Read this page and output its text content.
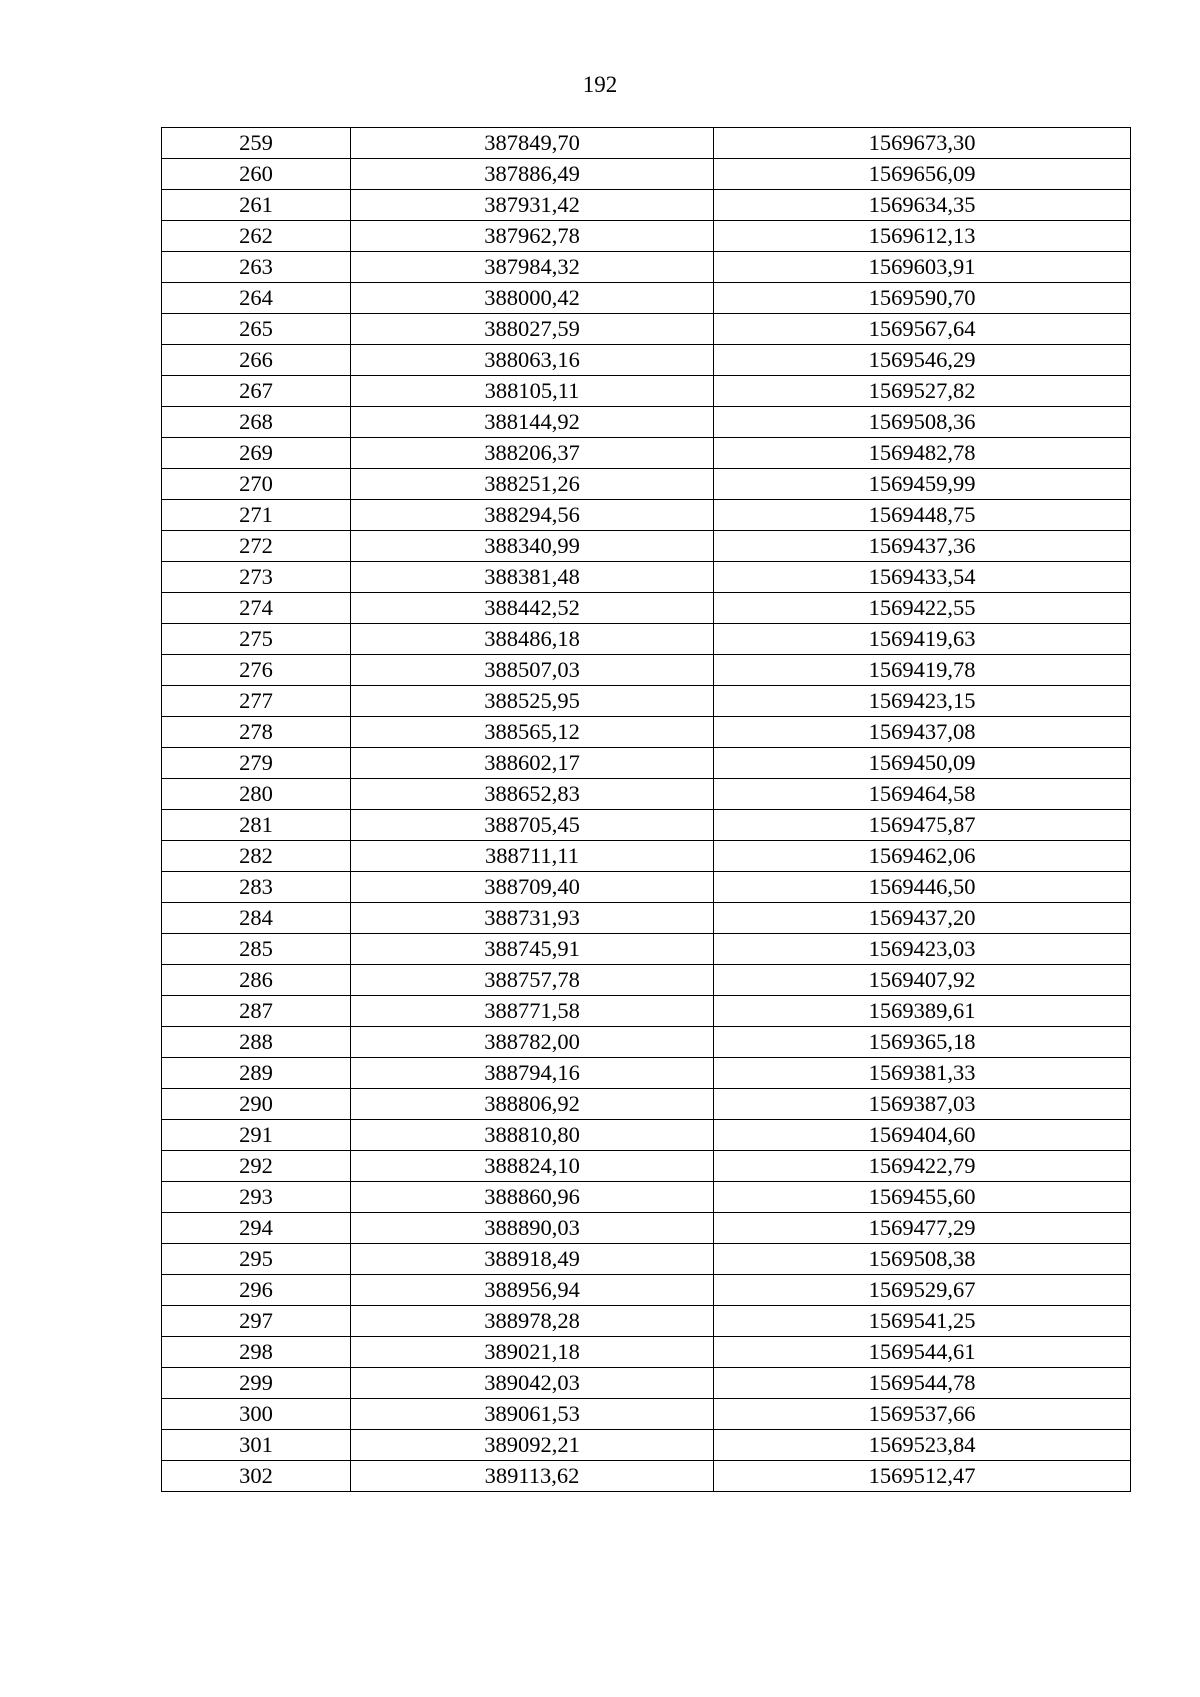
192
259	387849,70	1569673,30
260	387886,49	1569656,09
261	387931,42	1569634,35
262	387962,78	1569612,13
263	387984,32	1569603,91
264	388000,42	1569590,70
265	388027,59	1569567,64
266	388063,16	1569546,29
267	388105,11	1569527,82
268	388144,92	1569508,36
269	388206,37	1569482,78
270	388251,26	1569459,99
271	388294,56	1569448,75
272	388340,99	1569437,36
273	388381,48	1569433,54
274	388442,52	1569422,55
275	388486,18	1569419,63
276	388507,03	1569419,78
277	388525,95	1569423,15
278	388565,12	1569437,08
279	388602,17	1569450,09
280	388652,83	1569464,58
281	388705,45	1569475,87
282	388711,11	1569462,06
283	388709,40	1569446,50
284	388731,93	1569437,20
285	388745,91	1569423,03
286	388757,78	1569407,92
287	388771,58	1569389,61
288	388782,00	1569365,18
289	388794,16	1569381,33
290	388806,92	1569387,03
291	388810,80	1569404,60
292	388824,10	1569422,79
293	388860,96	1569455,60
294	388890,03	1569477,29
295	388918,49	1569508,38
296	388956,94	1569529,67
297	388978,28	1569541,25
298	389021,18	1569544,61
299	389042,03	1569544,78
300	389061,53	1569537,66
301	389092,21	1569523,84
302	389113,62	1569512,47
